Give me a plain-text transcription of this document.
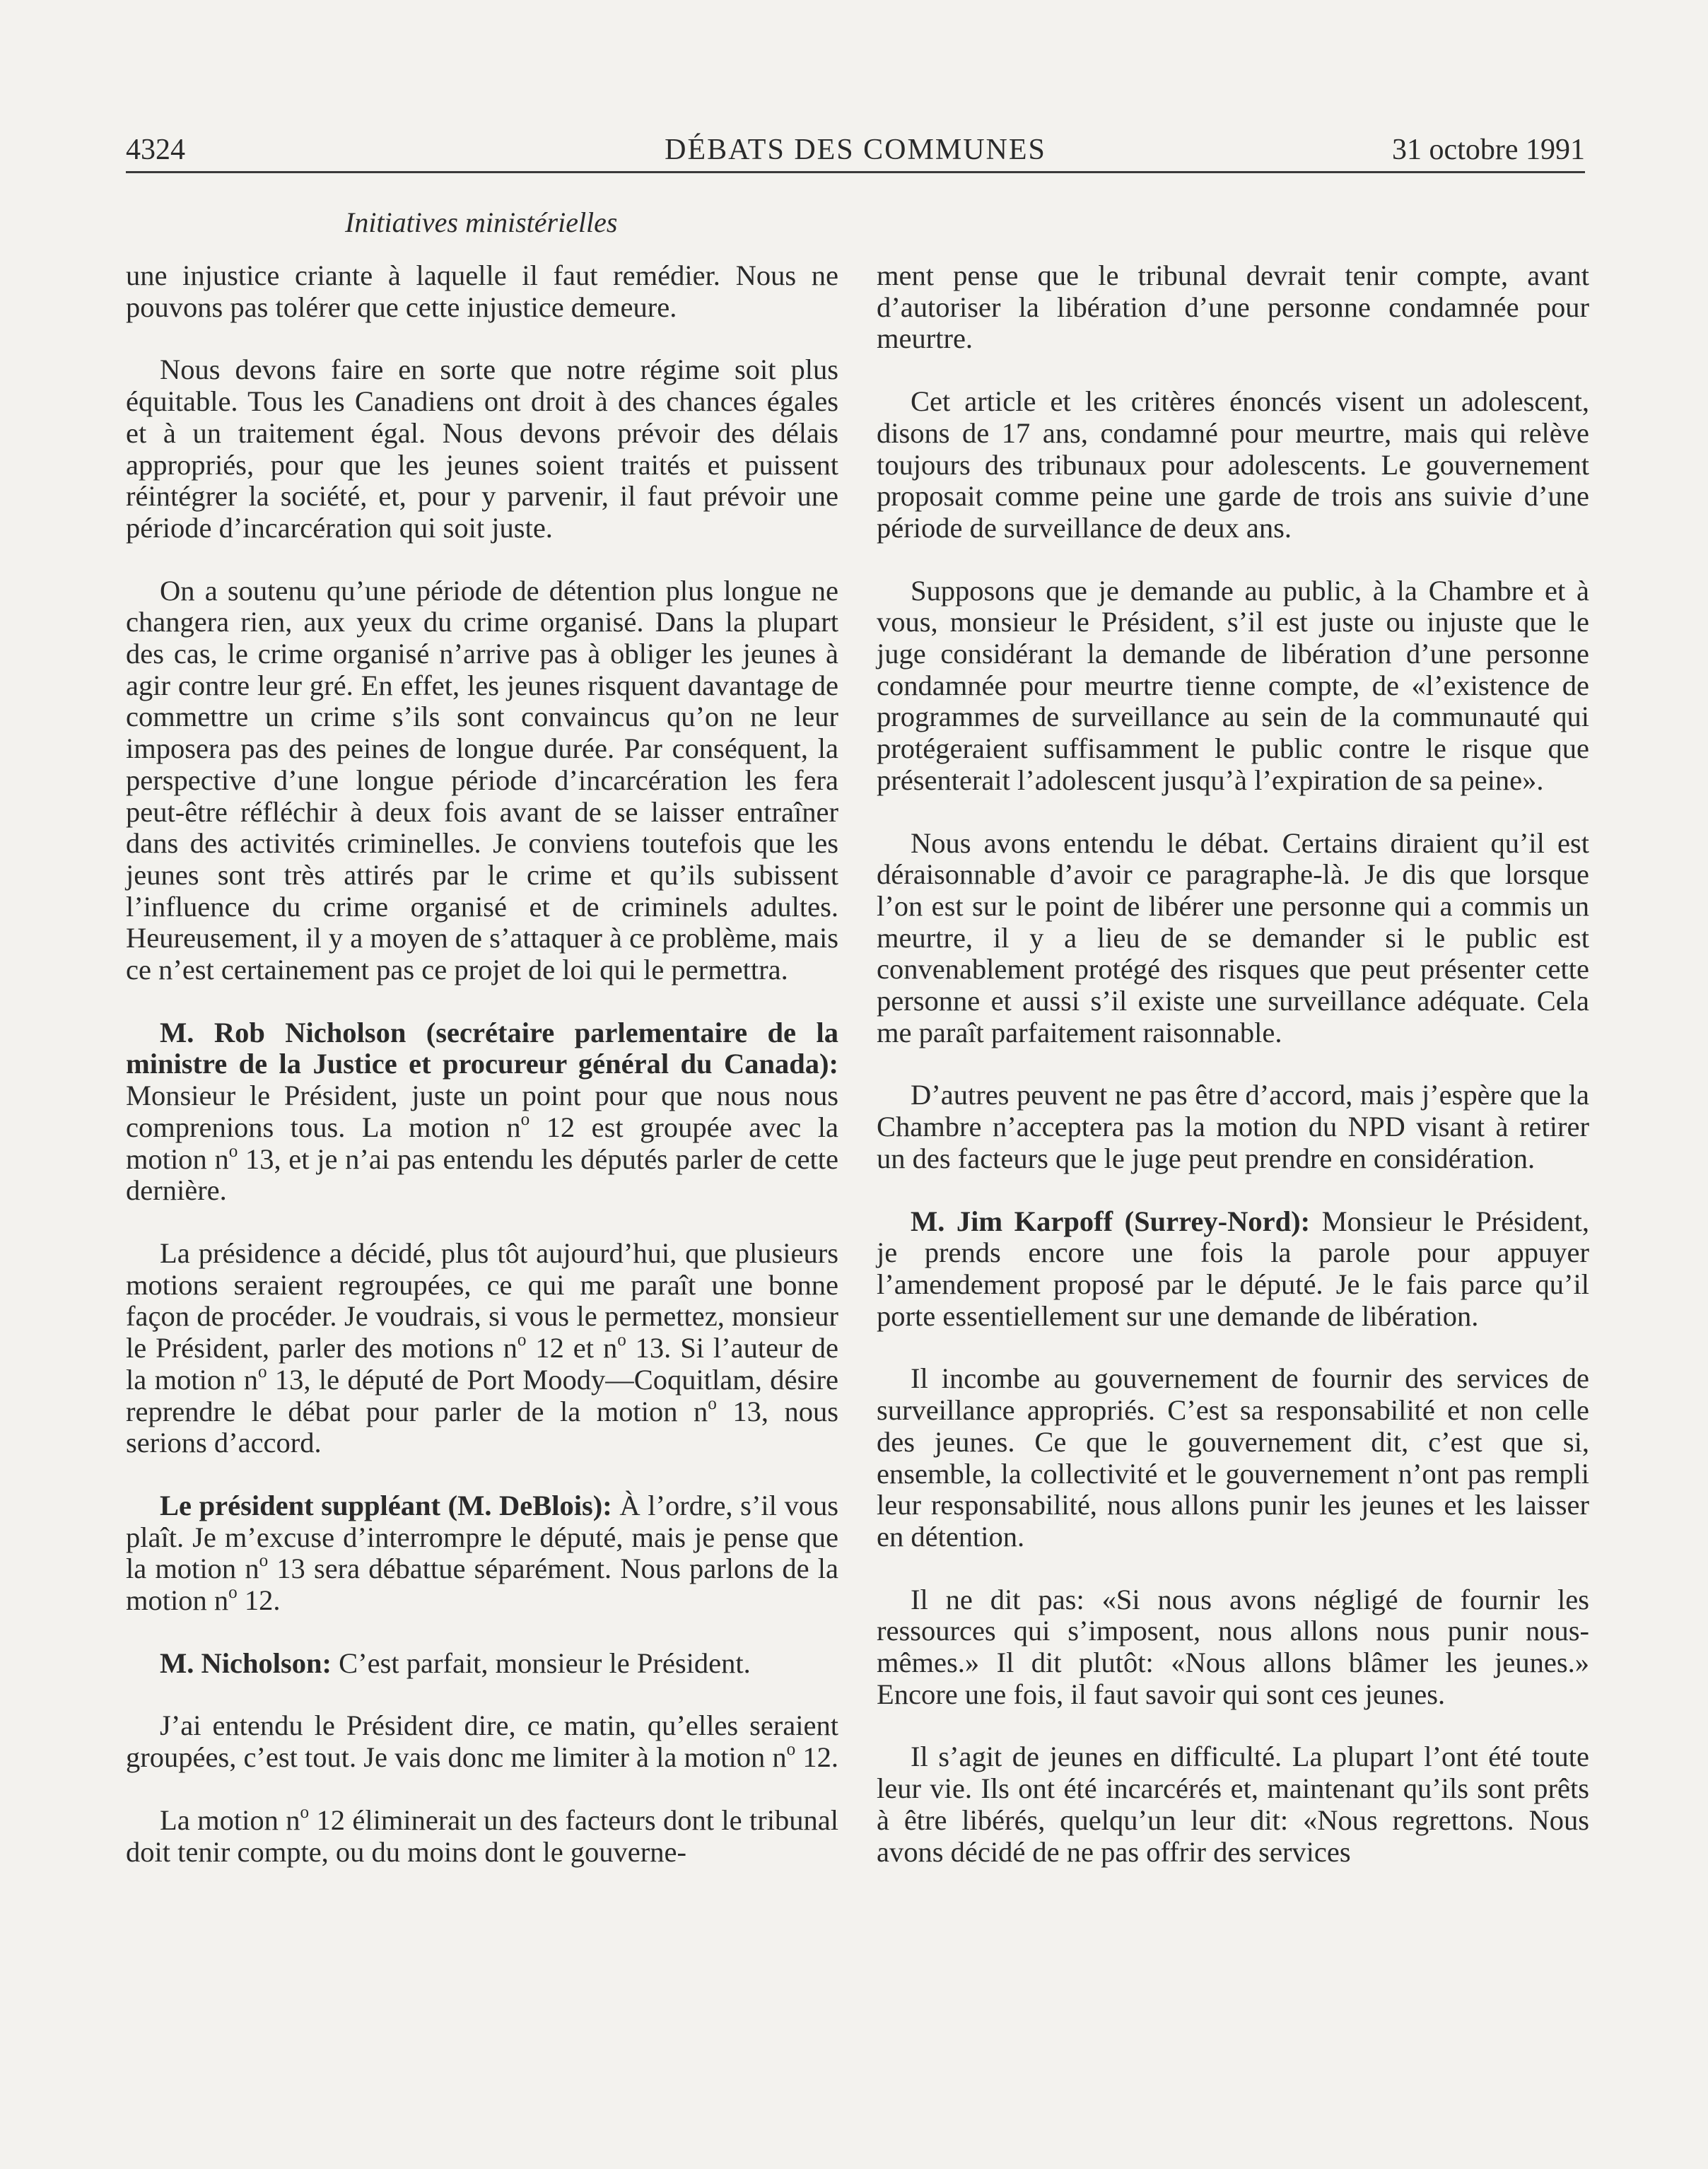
4324	DÉBATS DES COMMUNES	31 octobre 1991
Initiatives ministérielles

une injustice criante à laquelle il faut remédier. Nous ne pouvons pas tolérer que cette injustice demeure.

Nous devons faire en sorte que notre régime soit plus équitable. Tous les Canadiens ont droit à des chances égales et à un traitement égal. Nous devons prévoir des délais appropriés, pour que les jeunes soient traités et puissent réintégrer la société, et, pour y parvenir, il faut prévoir une période d’incarcération qui soit juste.

On a soutenu qu’une période de détention plus longue ne changera rien, aux yeux du crime organisé. Dans la plupart des cas, le crime organisé n’arrive pas à obliger les jeunes à agir contre leur gré. En effet, les jeunes risquent davantage de commettre un crime s’ils sont convaincus qu’on ne leur imposera pas des peines de longue durée. Par conséquent, la perspective d’une longue période d’incarcération les fera peut-être réfléchir à deux fois avant de se laisser entraîner dans des activités criminelles. Je conviens toutefois que les jeunes sont très attirés par le crime et qu’ils subissent l’influence du crime organisé et de criminels adultes. Heureusement, il y a moyen de s’attaquer à ce problème, mais ce n’est certainement pas ce projet de loi qui le permettra.

M. Rob Nicholson (secrétaire parlementaire de la ministre de la Justice et procureur général du Canada): Monsieur le Président, juste un point pour que nous nous comprenions tous. La motion $n^o$ 12 est groupée avec la motion $n^o$ 13, et je n’ai pas entendu les députés parler de cette dernière.

La présidence a décidé, plus tôt aujourd’hui, que plusieurs motions seraient regroupées, ce qui me paraît une bonne façon de procéder. Je voudrais, si vous le permettez, monsieur le Président, parler des motions $n^o$ 12 et $n^o$ 13. Si l’auteur de la motion $n^o$ 13, le député de Port Moody—Coquitlam, désire reprendre le débat pour parler de la motion $n^o$ 13, nous serions d’accord.

Le président suppléant (M. DeBlois): À l’ordre, s’il vous plaît. Je m’excuse d’interrompre le député, mais je pense que la motion $n^o$ 13 sera débattue séparément. Nous parlons de la motion $n^o$ 12.

M. Nicholson: C’est parfait, monsieur le Président.

J’ai entendu le Président dire, ce matin, qu’elles seraient groupées, c’est tout. Je vais donc me limiter à la motion $n^o$ 12.

La motion $n^o$ 12 éliminerait un des facteurs dont le tribunal doit tenir compte, ou du moins dont le gouverne-

ment pense que le tribunal devrait tenir compte, avant d’autoriser la libération d’une personne condamnée pour meurtre.

Cet article et les critères énoncés visent un adolescent, disons de 17 ans, condamné pour meurtre, mais qui relève toujours des tribunaux pour adolescents. Le gouvernement proposait comme peine une garde de trois ans suivie d’une période de surveillance de deux ans.

Supposons que je demande au public, à la Chambre et à vous, monsieur le Président, s’il est juste ou injuste que le juge considérant la demande de libération d’une personne condamnée pour meurtre tienne compte, de «l’existence de programmes de surveillance au sein de la communauté qui protégeraient suffisamment le public contre le risque que présenterait l’adolescent jusqu’à l’expiration de sa peine».

Nous avons entendu le débat. Certains diraient qu’il est déraisonnable d’avoir ce paragraphe-là. Je dis que lorsque l’on est sur le point de libérer une personne qui a commis un meurtre, il y a lieu de se demander si le public est convenablement protégé des risques que peut présenter cette personne et aussi s’il existe une surveillance adéquate. Cela me paraît parfaitement raisonnable.

D’autres peuvent ne pas être d’accord, mais j’espère que la Chambre n’acceptera pas la motion du NPD visant à retirer un des facteurs que le juge peut prendre en considération.

M. Jim Karpoff (Surrey-Nord): Monsieur le Président, je prends encore une fois la parole pour appuyer l’amendement proposé par le député. Je le fais parce qu’il porte essentiellement sur une demande de libération.

Il incombe au gouvernement de fournir des services de surveillance appropriés. C’est sa responsabilité et non celle des jeunes. Ce que le gouvernement dit, c’est que si, ensemble, la collectivité et le gouvernement n’ont pas rempli leur responsabilité, nous allons punir les jeunes et les laisser en détention.

Il ne dit pas: «Si nous avons négligé de fournir les ressources qui s’imposent, nous allons nous punir nous-mêmes.» Il dit plutôt: «Nous allons blâmer les jeunes.» Encore une fois, il faut savoir qui sont ces jeunes.

Il s’agit de jeunes en difficulté. La plupart l’ont été toute leur vie. Ils ont été incarcérés et, maintenant qu’ils sont prêts à être libérés, quelqu’un leur dit: «Nous regrettons. Nous avons décidé de ne pas offrir des services
